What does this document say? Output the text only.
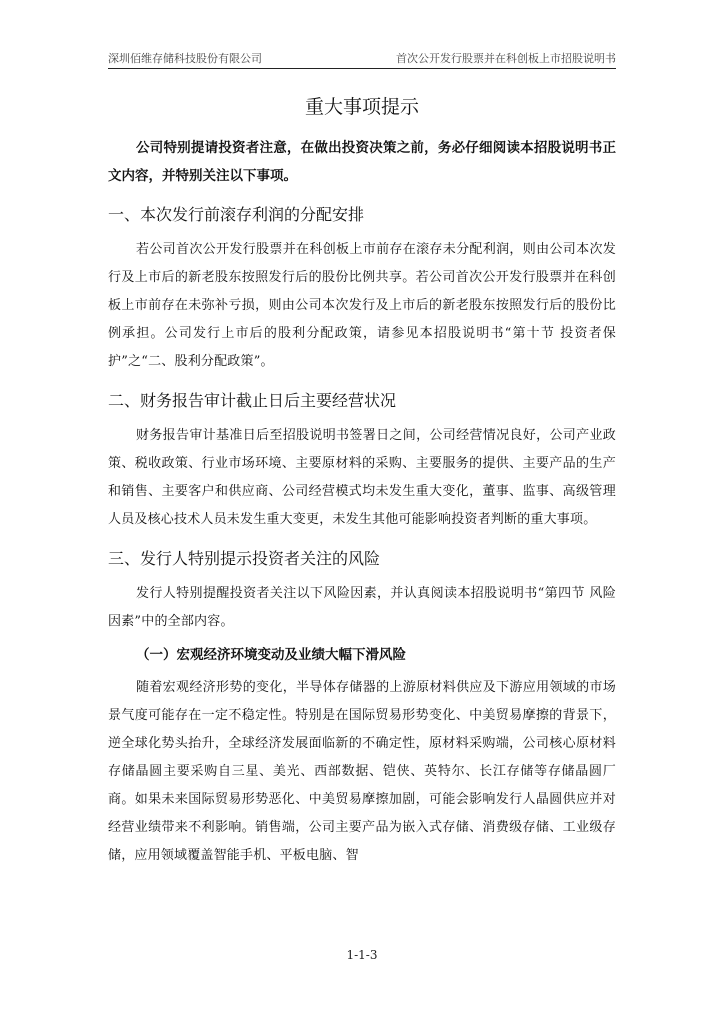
深圳佰维存储科技股份有限公司	首次公开发行股票并在科创板上市招股说明书
重大事项提示

公司特别提请投资者注意，在做出投资决策之前，务必仔细阅读本招股说明书正文内容，并特别关注以下事项。

一、本次发行前滚存利润的分配安排

若公司首次公开发行股票并在科创板上市前存在滚存未分配利润，则由公司本次发行及上市后的新老股东按照发行后的股份比例共享。若公司首次公开发行股票并在科创板上市前存在未弥补亏损，则由公司本次发行及上市后的新老股东按照发行后的股份比例承担。公司发行上市后的股利分配政策，请参见本招股说明书“第十节 投资者保护”之“二、股利分配政策”。

二、财务报告审计截止日后主要经营状况

财务报告审计基准日后至招股说明书签署日之间，公司经营情况良好，公司产业政策、税收政策、行业市场环境、主要原材料的采购、主要服务的提供、主要产品的生产和销售、主要客户和供应商、公司经营模式均未发生重大变化，董事、监事、高级管理人员及核心技术人员未发生重大变更，未发生其他可能影响投资者判断的重大事项。

三、发行人特别提示投资者关注的风险

发行人特别提醒投资者关注以下风险因素，并认真阅读本招股说明书“第四节 风险因素”中的全部内容。

（一）宏观经济环境变动及业绩大幅下滑风险

随着宏观经济形势的变化，半导体存储器的上游原材料供应及下游应用领域的市场景气度可能存在一定不稳定性。特别是在国际贸易形势变化、中美贸易摩擦的背景下，逆全球化势头抬升，全球经济发展面临新的不确定性，原材料采购端，公司核心原材料存储晶圆主要采购自三星、美光、西部数据、铠侠、英特尔、长江存储等存储晶圆厂商。如果未来国际贸易形势恶化、中美贸易摩擦加剧，可能会影响发行人晶圆供应并对经营业绩带来不利影响。销售端，公司主要产品为嵌入式存储、消费级存储、工业级存储，应用领域覆盖智能手机、平板电脑、智

1-1-3
